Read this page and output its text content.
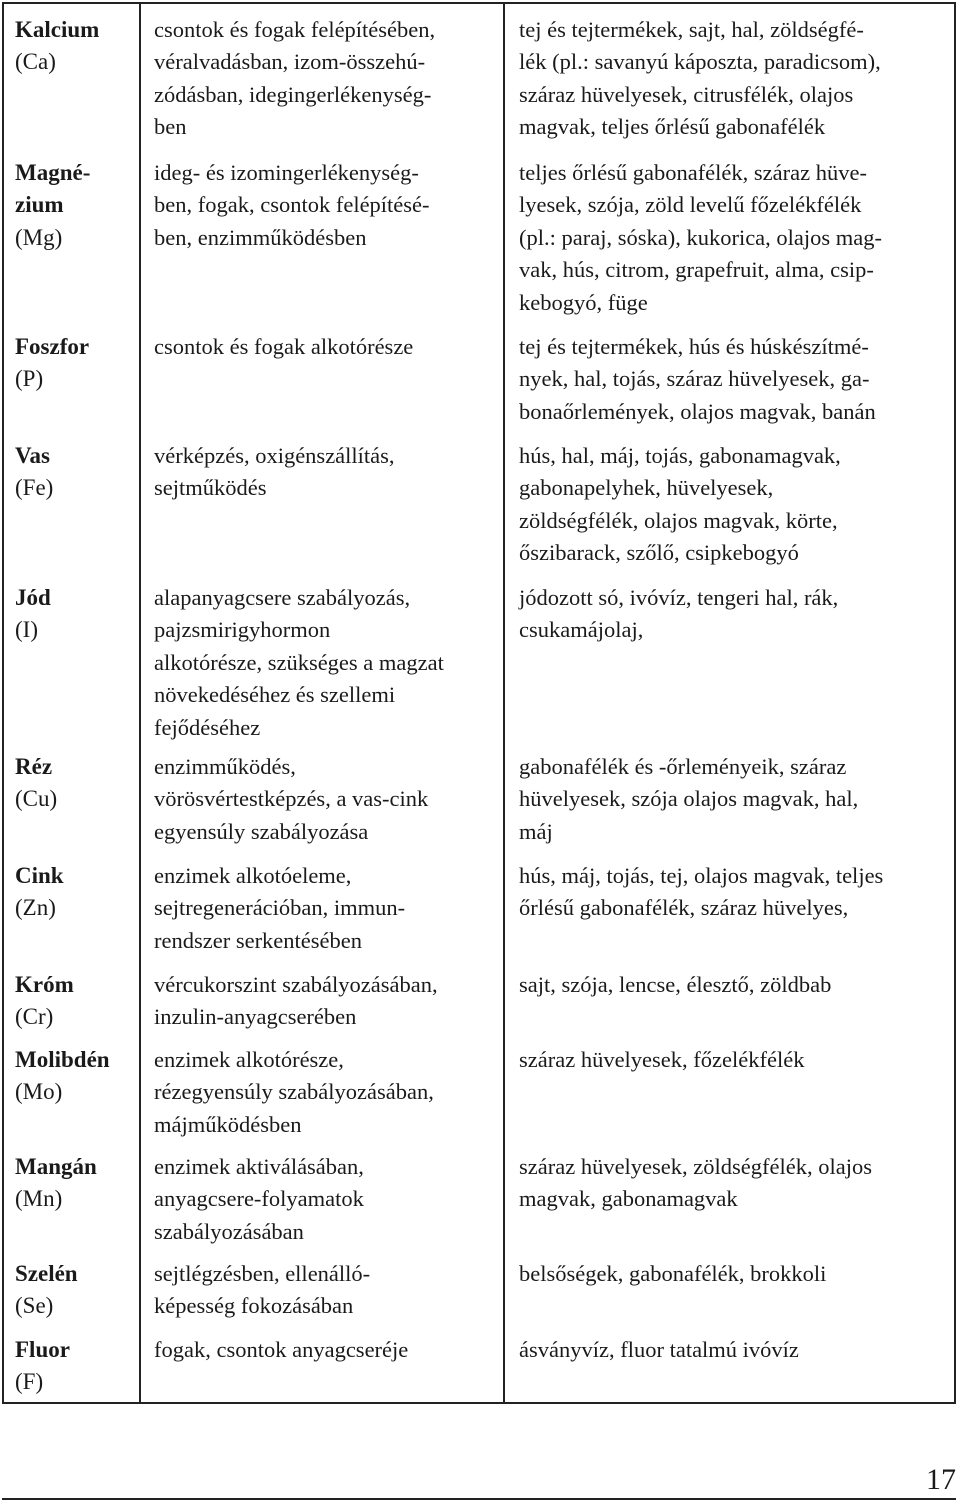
Kalcium
(Ca)
csontok és fogak felépítésében,
véralvadásban, izom-összehú-
zódásban, idegingerlékenység-
ben
tej és tejtermékek, sajt, hal, zöldségfé-
lék (pl.: savanyú káposzta, paradicsom),
száraz hüvelyesek, citrusfélék, olajos
magvak, teljes őrlésű gabonafélék
Magné-
zium
(Mg)
ideg- és izomingerlékenység-
ben, fogak, csontok felépítésé-
ben, enzimműködésben
teljes őrlésű gabonafélék, száraz hüve-
lyesek, szója, zöld levelű főzelékfélék
(pl.: paraj, sóska), kukorica, olajos mag-
vak, hús, citrom, grapefruit, alma, csip-
kebogyó, füge
Foszfor
(P)
csontok és fogak alkotórésze	tej és tejtermékek, hús és húskészítmé-
nyek, hal, tojás, száraz hüvelyesek, ga-
bonaőrlemények, olajos magvak, banán
Vas
(Fe)
vérképzés, oxigénszállítás,
sejtműködés
hús, hal, máj, tojás, gabonamagvak,
gabonapelyhek, hüvelyesek,
zöldségfélék, olajos magvak, körte,
őszibarack, szőlő, csipkebogyó
Jód
(I)
alapanyagcsere szabályozás,
pajzsmirigyhormon
alkotórésze, szükséges a magzat
növekedéséhez és szellemi
fejődéséhez
jódozott só, ivóvíz, tengeri hal, rák,
csukamájolaj,
Réz
(Cu)
enzimműködés,
vörösvértestképzés, a vas-cink
egyensúly szabályozása
gabonafélék és -őrleményeik, száraz
hüvelyesek, szója olajos magvak, hal,
máj
Cink
(Zn)
enzimek alkotóeleme,
sejtregenerációban, immun-
rendszer serkentésében
hús, máj, tojás, tej, olajos magvak, teljes
őrlésű gabonafélék, száraz hüvelyes,
Króm
(Cr)
vércukorszint szabályozásában,
inzulin-anyagcserében
sajt, szója, lencse, élesztő, zöldbab
Molibdén
(Mo)
enzimek alkotórésze,
rézegyensúly szabályozásában,
májműködésben
száraz hüvelyesek, főzelékfélék
Mangán
(Mn)
enzimek aktiválásában,
anyagcsere-folyamatok
szabályozásában
száraz hüvelyesek, zöldségfélék, olajos
magvak, gabonamagvak
Szelén
(Se)
sejtlégzésben, ellenálló-
képesség fokozásában
belsőségek, gabonafélék, brokkoli
Fluor
(F)
fogak, csontok anyagcseréje	ásványvíz, fluor tatalmú ivóvíz
17
